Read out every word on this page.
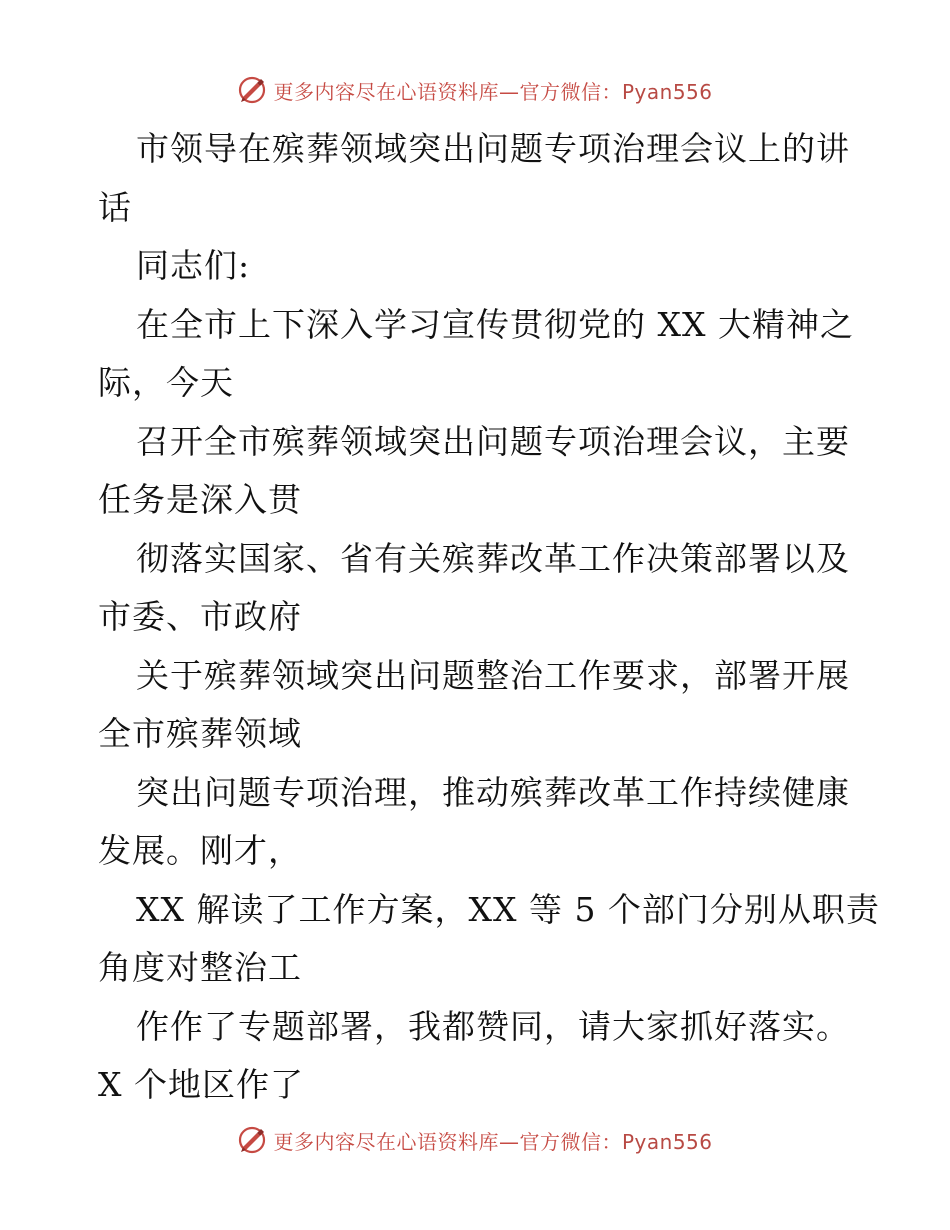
更多内容尽在心语资料库—官方微信：Pyan556
市领导在殡葬领域突出问题专项治理会议上的讲
话
同志们:
在全市上下深入学习宣传贯彻党的 XX 大精神之
际，今天
召开全市殡葬领域突出问题专项治理会议，主要
任务是深入贯
彻落实国家、省有关殡葬改革工作决策部署以及
市委、市政府
关于殡葬领域突出问题整治工作要求，部署开展
全市殡葬领域
突出问题专项治理，推动殡葬改革工作持续健康
发展。刚才，
XX 解读了工作方案，XX 等 5 个部门分别从职责
角度对整治工
作作了专题部署，我都赞同，请大家抓好落实。
X 个地区作了
更多内容尽在心语资料库—官方微信：Pyan556
